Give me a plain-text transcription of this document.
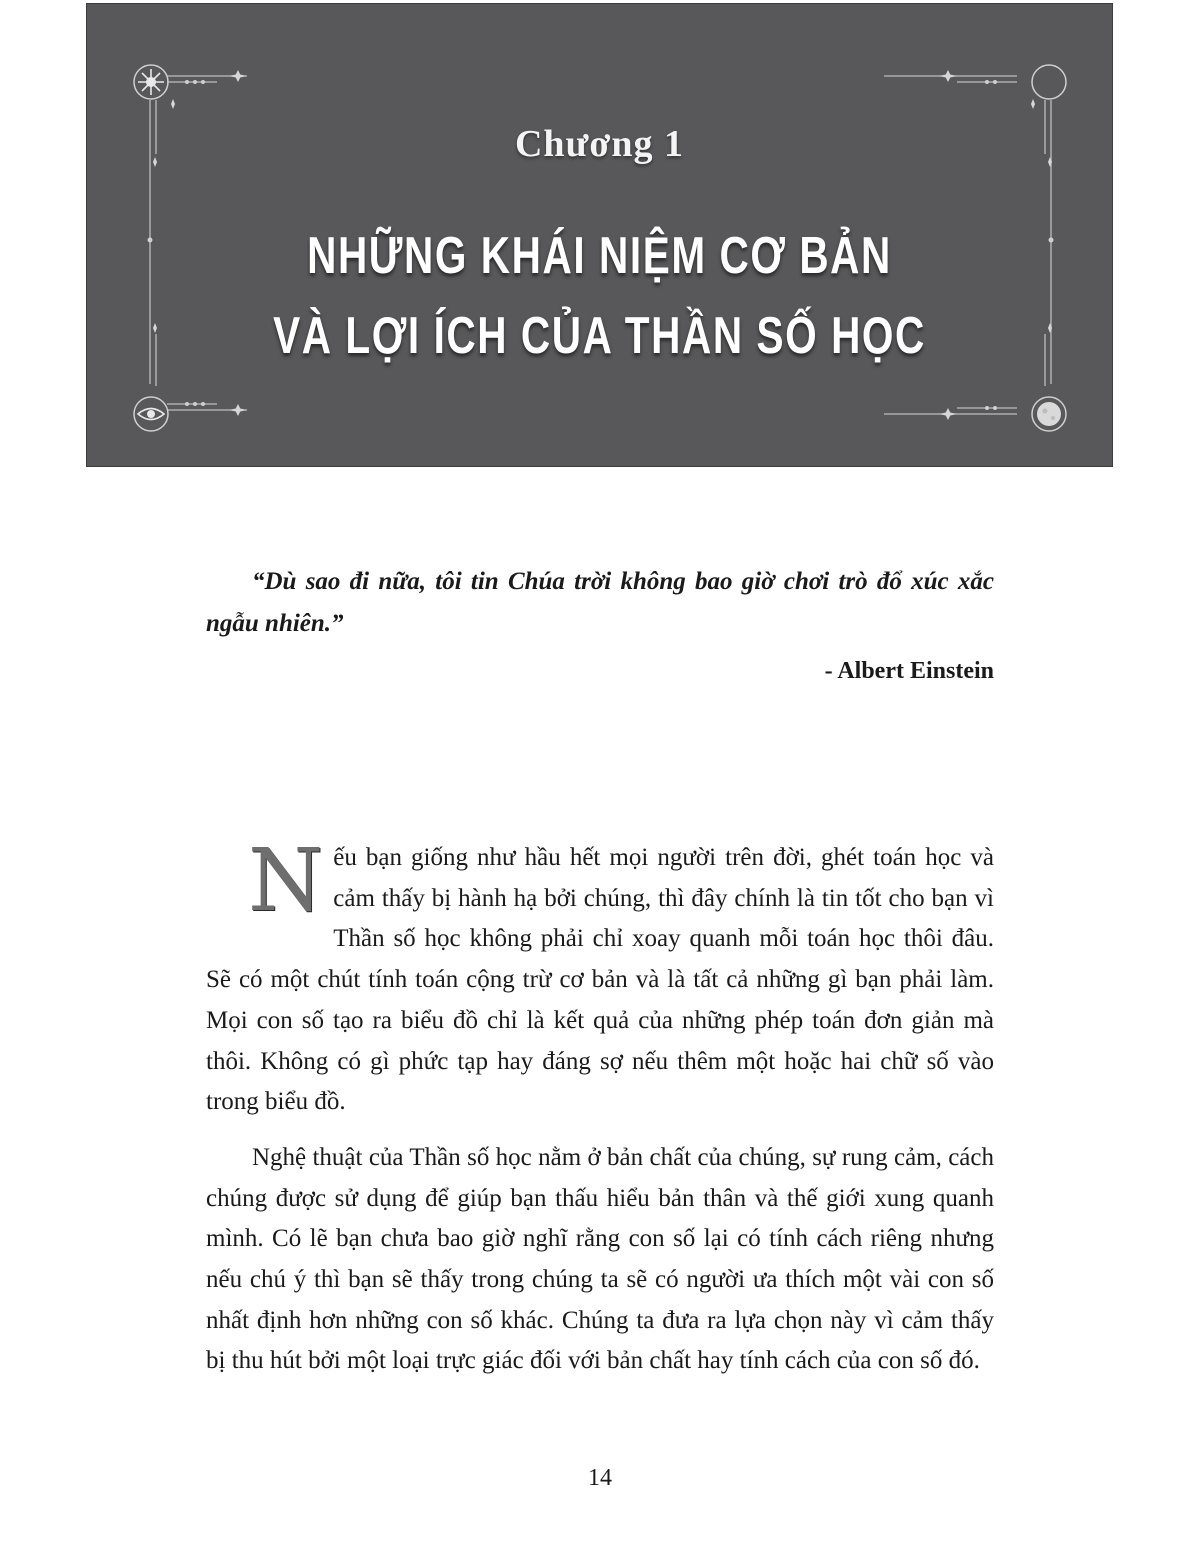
Chương 1
NHỮNG KHÁI NIỆM CƠ BẢN
VÀ LỢI ÍCH CỦA THẦN SỐ HỌC

“Dù sao đi nữa, tôi tin Chúa trời không bao giờ chơi trò đổ xúc xắc ngẫu nhiên.”

- Albert Einstein

Nếu bạn giống như hầu hết mọi người trên đời, ghét toán học và cảm thấy bị hành hạ bởi chúng, thì đây chính là tin tốt cho bạn vì Thần số học không phải chỉ xoay quanh mỗi toán học thôi đâu. Sẽ có một chút tính toán cộng trừ cơ bản và là tất cả những gì bạn phải làm. Mọi con số tạo ra biểu đồ chỉ là kết quả của những phép toán đơn giản mà thôi. Không có gì phức tạp hay đáng sợ nếu thêm một hoặc hai chữ số vào trong biểu đồ.

Nghệ thuật của Thần số học nằm ở bản chất của chúng, sự rung cảm, cách chúng được sử dụng để giúp bạn thấu hiểu bản thân và thế giới xung quanh mình. Có lẽ bạn chưa bao giờ nghĩ rằng con số lại có tính cách riêng nhưng nếu chú ý thì bạn sẽ thấy trong chúng ta sẽ có người ưa thích một vài con số nhất định hơn những con số khác. Chúng ta đưa ra lựa chọn này vì cảm thấy bị thu hút bởi một loại trực giác đối với bản chất hay tính cách của con số đó.

14
